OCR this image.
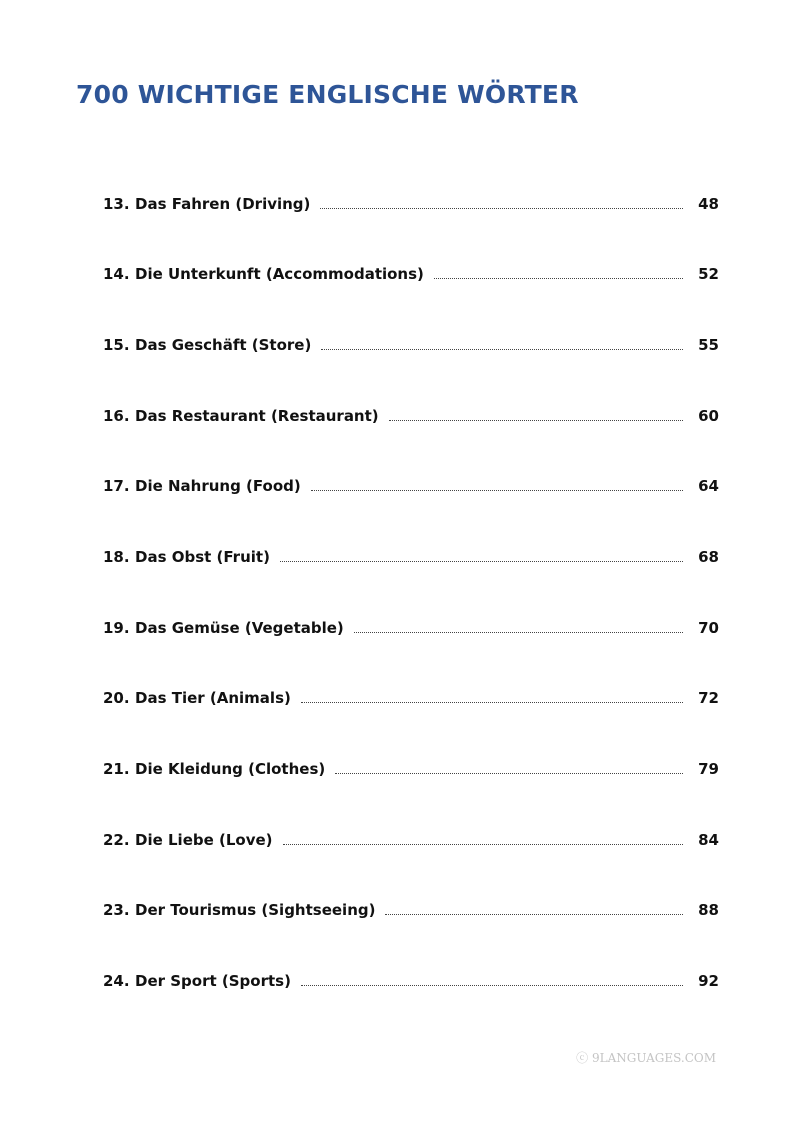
700 WICHTIGE ENGLISCHE WÖRTER
13. Das Fahren (Driving)	48
14. Die Unterkunft (Accommodations)	52
15. Das Geschäft (Store)	55
16. Das Restaurant (Restaurant)	60
17. Die Nahrung (Food)	64
18. Das Obst (Fruit)	68
19. Das Gemüse (Vegetable)	70
20. Das Tier (Animals)	72
21. Die Kleidung (Clothes)	79
22. Die Liebe (Love)	84
23. Der Tourismus (Sightseeing)	88
24. Der Sport (Sports)	92
ⓒ 9LANGUAGES.COM
